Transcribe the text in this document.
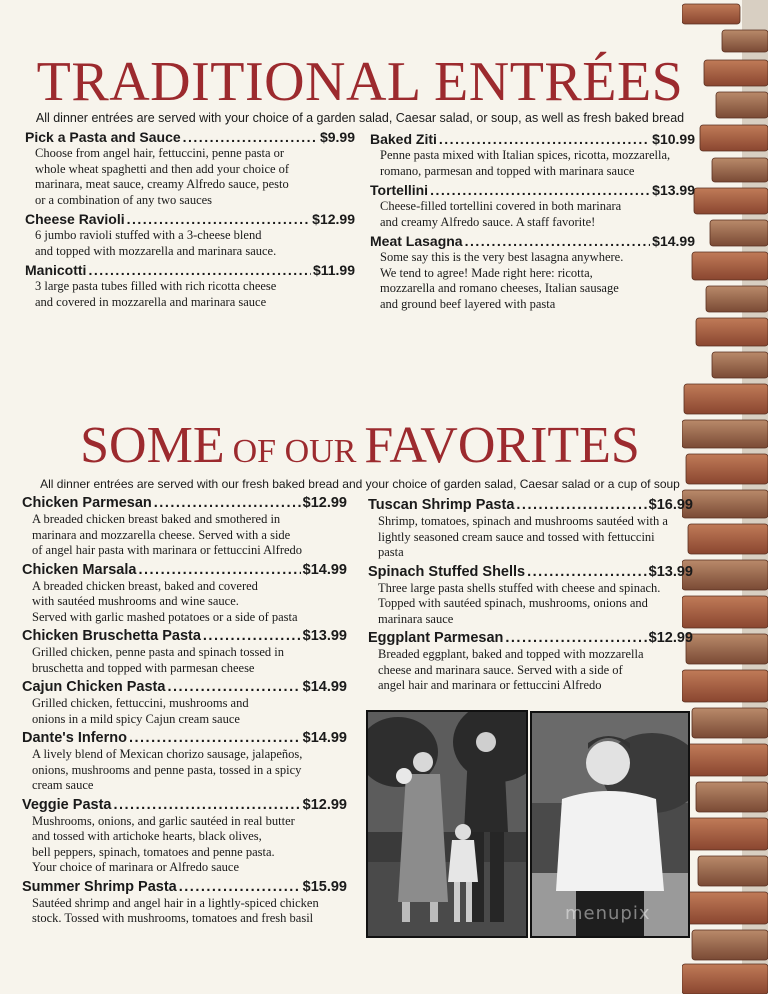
TRADITIONAL ENTRÉES

All dinner entrées are served with your choice of a garden salad, Caesar salad, or soup, as well as fresh baked bread

Pick a Pasta and Sauce .....	$9.99
Choose from angel hair, fettuccini, penne pasta or
whole wheat spaghetti and then add your choice of
marinara, meat sauce, creamy Alfredo sauce, pesto
or a combination of any two sauces
Cheese Ravioli .....	$12.99
6 jumbo ravioli stuffed with a 3-cheese blend
and topped with mozzarella and marinara sauce.
Manicotti .....	$11.99
3 large pasta tubes filled with rich ricotta cheese
and covered in mozzarella and marinara sauce
Baked Ziti .....	$10.99
Penne pasta mixed with Italian spices, ricotta, mozzarella,
romano, parmesan and topped with marinara sauce
Tortellini .....	$13.99
Cheese-filled tortellini covered in both marinara
and creamy Alfredo sauce. A staff favorite!
Meat Lasagna .....	$14.99
Some say this is the very best lasagna anywhere.
We tend to agree! Made right here: ricotta,
mozzarella and romano cheeses, Italian sausage
and ground beef layered with pasta
SOME OF OUR FAVORITES

All dinner entrées are served with our fresh baked bread and your choice of garden salad, Caesar salad or a cup of soup

Chicken Parmesan .....	$12.99
A breaded chicken breast baked and smothered in
marinara and mozzarella cheese. Served with a side
of angel hair pasta with marinara or fettuccini Alfredo
Chicken Marsala .....	$14.99
A breaded chicken breast, baked and covered
with sautéed mushrooms and wine sauce.
Served with garlic mashed potatoes or a side of pasta
Chicken Bruschetta Pasta .....	$13.99
Grilled chicken, penne pasta and spinach tossed in
bruschetta and topped with parmesan cheese
Cajun Chicken Pasta .....	$14.99
Grilled chicken, fettuccini, mushrooms and
onions in a mild spicy Cajun cream sauce
Dante's Inferno .....	$14.99
A lively blend of Mexican chorizo sausage, jalapeños,
onions, mushrooms and penne pasta, tossed in a spicy
cream sauce
Veggie Pasta .....	$12.99
Mushrooms, onions, and garlic sautéed in real butter
and tossed with artichoke hearts, black olives,
bell peppers, spinach, tomatoes and penne pasta.
Your choice of marinara or Alfredo sauce
Summer Shrimp Pasta .....	$15.99
Sautéed shrimp and angel hair in a lightly-spiced chicken
stock. Tossed with mushrooms, tomatoes and fresh basil
Tuscan Shrimp Pasta .....	$16.99
Shrimp, tomatoes, spinach and mushrooms sautéed with a
lightly seasoned cream sauce and tossed with fettuccini
pasta
Spinach Stuffed Shells .....	$13.99
Three large pasta shells stuffed with cheese and spinach.
Topped with sautéed spinach, mushrooms, onions and
marinara sauce
Eggplant Parmesan .....	$12.99
Breaded eggplant, baked and topped with mozzarella
cheese and marinara sauce. Served with a side of
angel hair and marinara or fettuccini Alfredo
menupix
